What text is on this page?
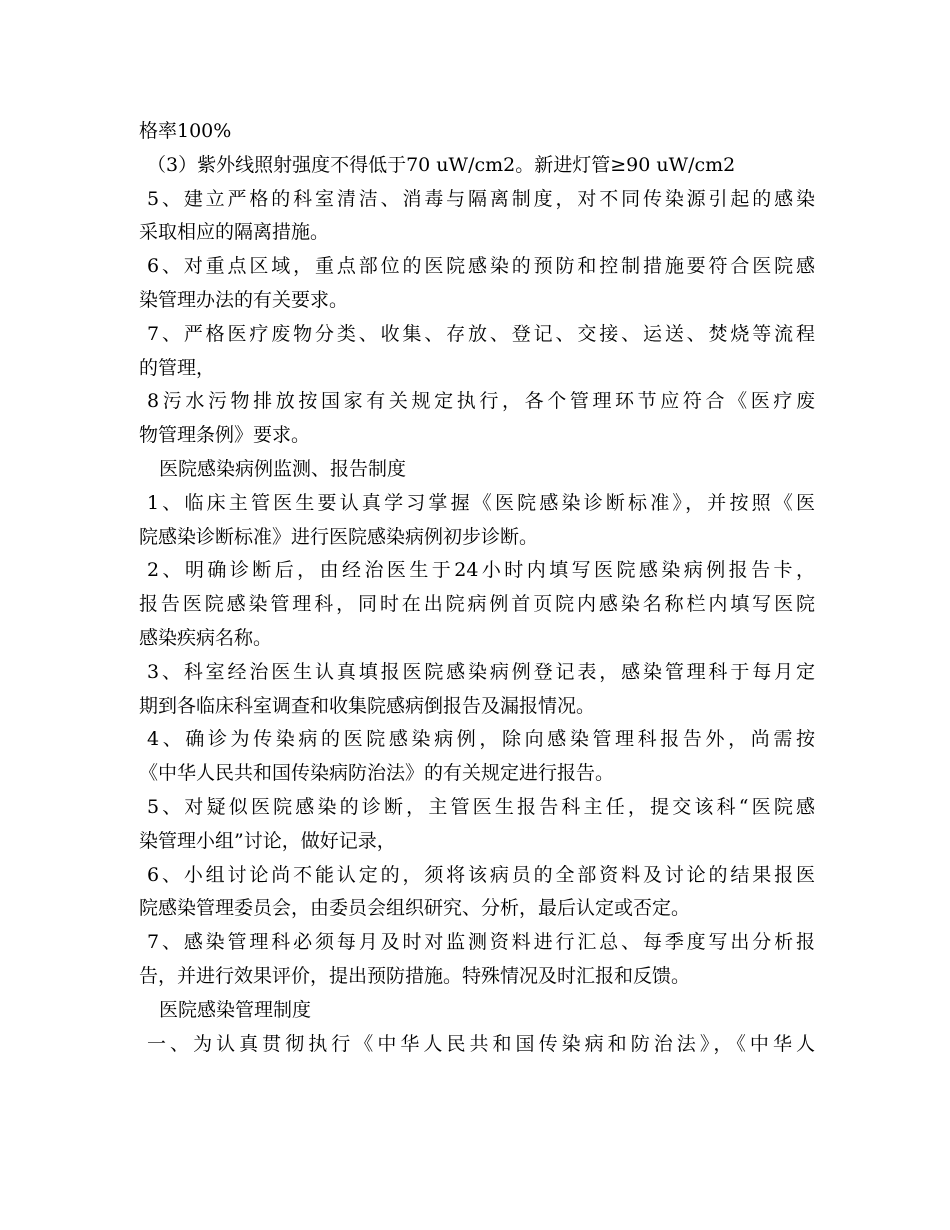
格率100%
（3）紫外线照射强度不得低于70 uW/cm2。新进灯管≥90 uW/cm2
5、建立严格的科室清洁、消毒与隔离制度，对不同传染源引起的感染
采取相应的隔离措施。
6、对重点区域，重点部位的医院感染的预防和控制措施要符合医院感
染管理办法的有关要求。
7、严格医疗废物分类、收集、存放、登记、交接、运送、焚烧等流程
的管理，
8污水污物排放按国家有关规定执行，各个管理环节应符合《医疗废
物管理条例》要求。
医院感染病例监测、报告制度
1、临床主管医生要认真学习掌握《医院感染诊断标准》，并按照《医
院感染诊断标准》进行医院感染病例初步诊断。
2、明确诊断后，由经治医生于24小时内填写医院感染病例报告卡，
报告医院感染管理科，同时在出院病例首页院内感染名称栏内填写医院
感染疾病名称。
3、科室经治医生认真填报医院感染病例登记表，感染管理科于每月定
期到各临床科室调查和收集院感病倒报告及漏报情况。
4、确诊为传染病的医院感染病例，除向感染管理科报告外，尚需按
《中华人民共和国传染病防治法》的有关规定进行报告。
5、对疑似医院感染的诊断，主管医生报告科主任，提交该科“医院感
染管理小组”讨论，做好记录，
6、小组讨论尚不能认定的，须将该病员的全部资料及讨论的结果报医
院感染管理委员会，由委员会组织研究、分析，最后认定或否定。
7、感染管理科必须每月及时对监测资料进行汇总、每季度写出分析报
告，并进行效果评价，提出预防措施。特殊情况及时汇报和反馈。
医院感染管理制度
一、为认真贯彻执行《中华人民共和国传染病和防治法》，《中华人
